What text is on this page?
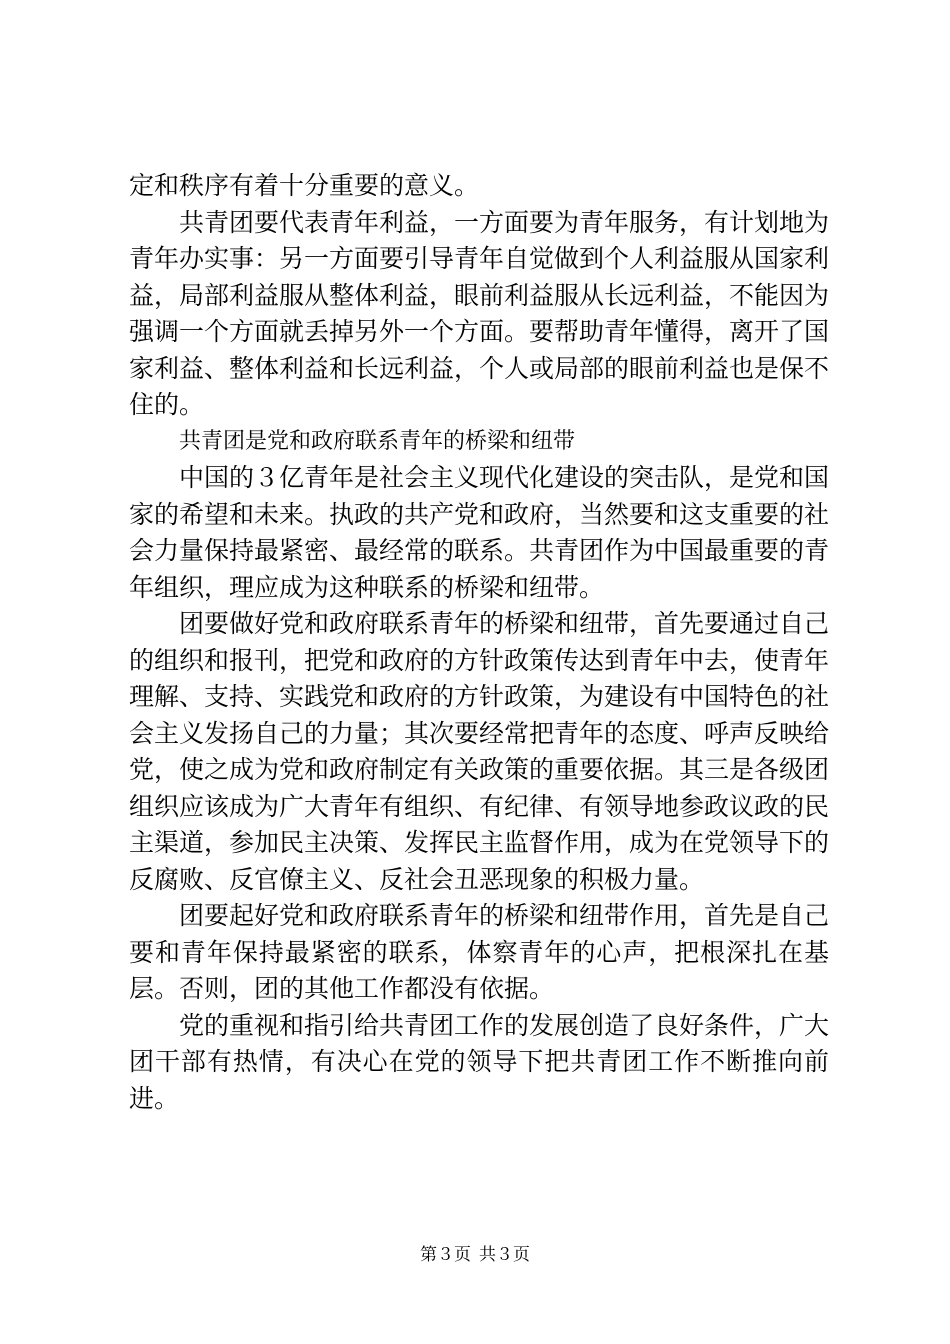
定和秩序有着十分重要的意义。

共青团要代表青年利益，一方面要为青年服务，有计划地为青年办实事：另一方面要引导青年自觉做到个人利益服从国家利益，局部利益服从整体利益，眼前利益服从长远利益，不能因为强调一个方面就丢掉另外一个方面。要帮助青年懂得，离开了国家利益、整体利益和长远利益，个人或局部的眼前利益也是保不住的。

共青团是党和政府联系青年的桥梁和纽带

中国的３亿青年是社会主义现代化建设的突击队，是党和国家的希望和未来。执政的共产党和政府，当然要和这支重要的社会力量保持最紧密、最经常的联系。共青团作为中国最重要的青年组织，理应成为这种联系的桥梁和纽带。

团要做好党和政府联系青年的桥梁和纽带，首先要通过自己的组织和报刊，把党和政府的方针政策传达到青年中去，使青年理解、支持、实践党和政府的方针政策，为建设有中国特色的社会主义发扬自己的力量；其次要经常把青年的态度、呼声反映给党，使之成为党和政府制定有关政策的重要依据。其三是各级团组织应该成为广大青年有组织、有纪律、有领导地参政议政的民主渠道，参加民主决策、发挥民主监督作用，成为在党领导下的反腐败、反官僚主义、反社会丑恶现象的积极力量。

团要起好党和政府联系青年的桥梁和纽带作用，首先是自己要和青年保持最紧密的联系，体察青年的心声，把根深扎在基层。否则，团的其他工作都没有依据。

党的重视和指引给共青团工作的发展创造了良好条件，广大团干部有热情，有决心在党的领导下把共青团工作不断推向前进。

第３页 共３页
